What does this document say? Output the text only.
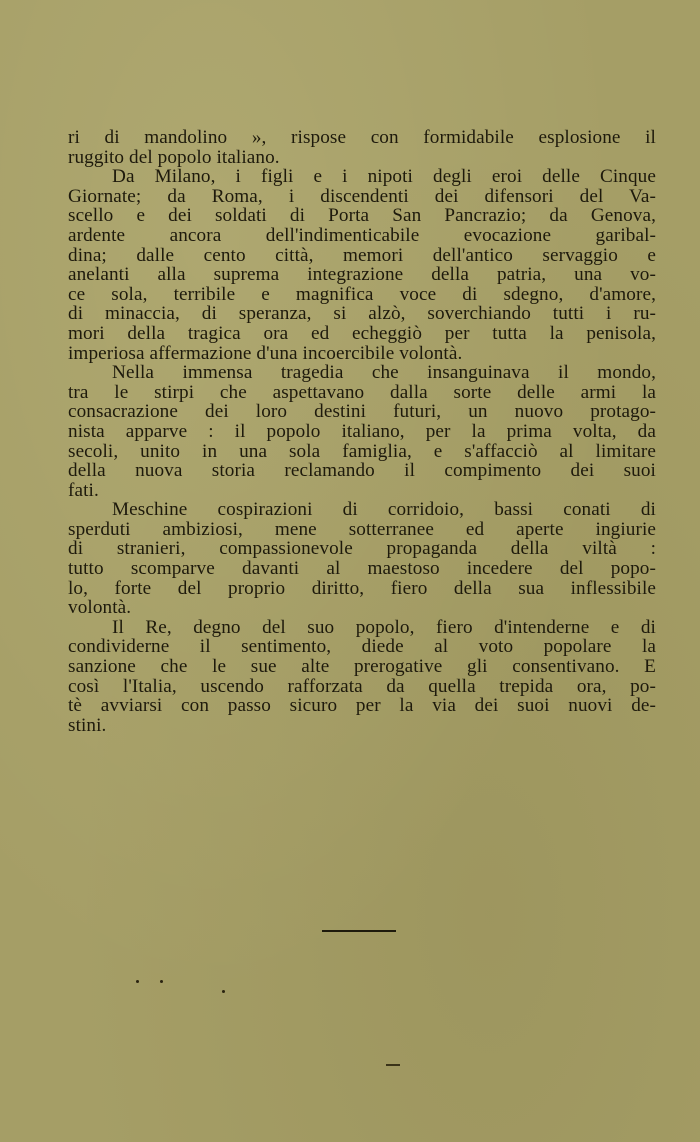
ri di mandolino », rispose con formidabile esplosione il
ruggito del popolo italiano.
Da Milano, i figli e i nipoti degli eroi delle Cinque
Giornate; da Roma, i discendenti dei difensori del Va-
scello e dei soldati di Porta San Pancrazio; da Genova,
ardente ancora dell'indimenticabile evocazione garibal-
dina; dalle cento città, memori dell'antico servaggio e
anelanti alla suprema integrazione della patria, una vo-
ce sola, terribile e magnifica voce di sdegno, d'amore,
di minaccia, di speranza, si alzò, soverchiando tutti i ru-
mori della tragica ora ed echeggiò per tutta la penisola,
imperiosa affermazione d'una incoercibile volontà.
Nella immensa tragedia che insanguinava il mondo,
tra le stirpi che aspettavano dalla sorte delle armi la
consacrazione dei loro destini futuri, un nuovo protago-
nista apparve : il popolo italiano, per la prima volta, da
secoli, unito in una sola famiglia, e s'affacciò al limitare
della nuova storia reclamando il compimento dei suoi
fati.
Meschine cospirazioni di corridoio, bassi conati di
sperduti ambiziosi, mene sotterranee ed aperte ingiurie
di stranieri, compassionevole propaganda della viltà :
tutto scomparve davanti al maestoso incedere del popo-
lo, forte del proprio diritto, fiero della sua inflessibile
volontà.
Il Re, degno del suo popolo, fiero d'intenderne e di
condividerne il sentimento, diede al voto popolare la
sanzione che le sue alte prerogative gli consentivano. E
così l'Italia, uscendo rafforzata da quella trepida ora, po-
tè avviarsi con passo sicuro per la via dei suoi nuovi de-
stini.
